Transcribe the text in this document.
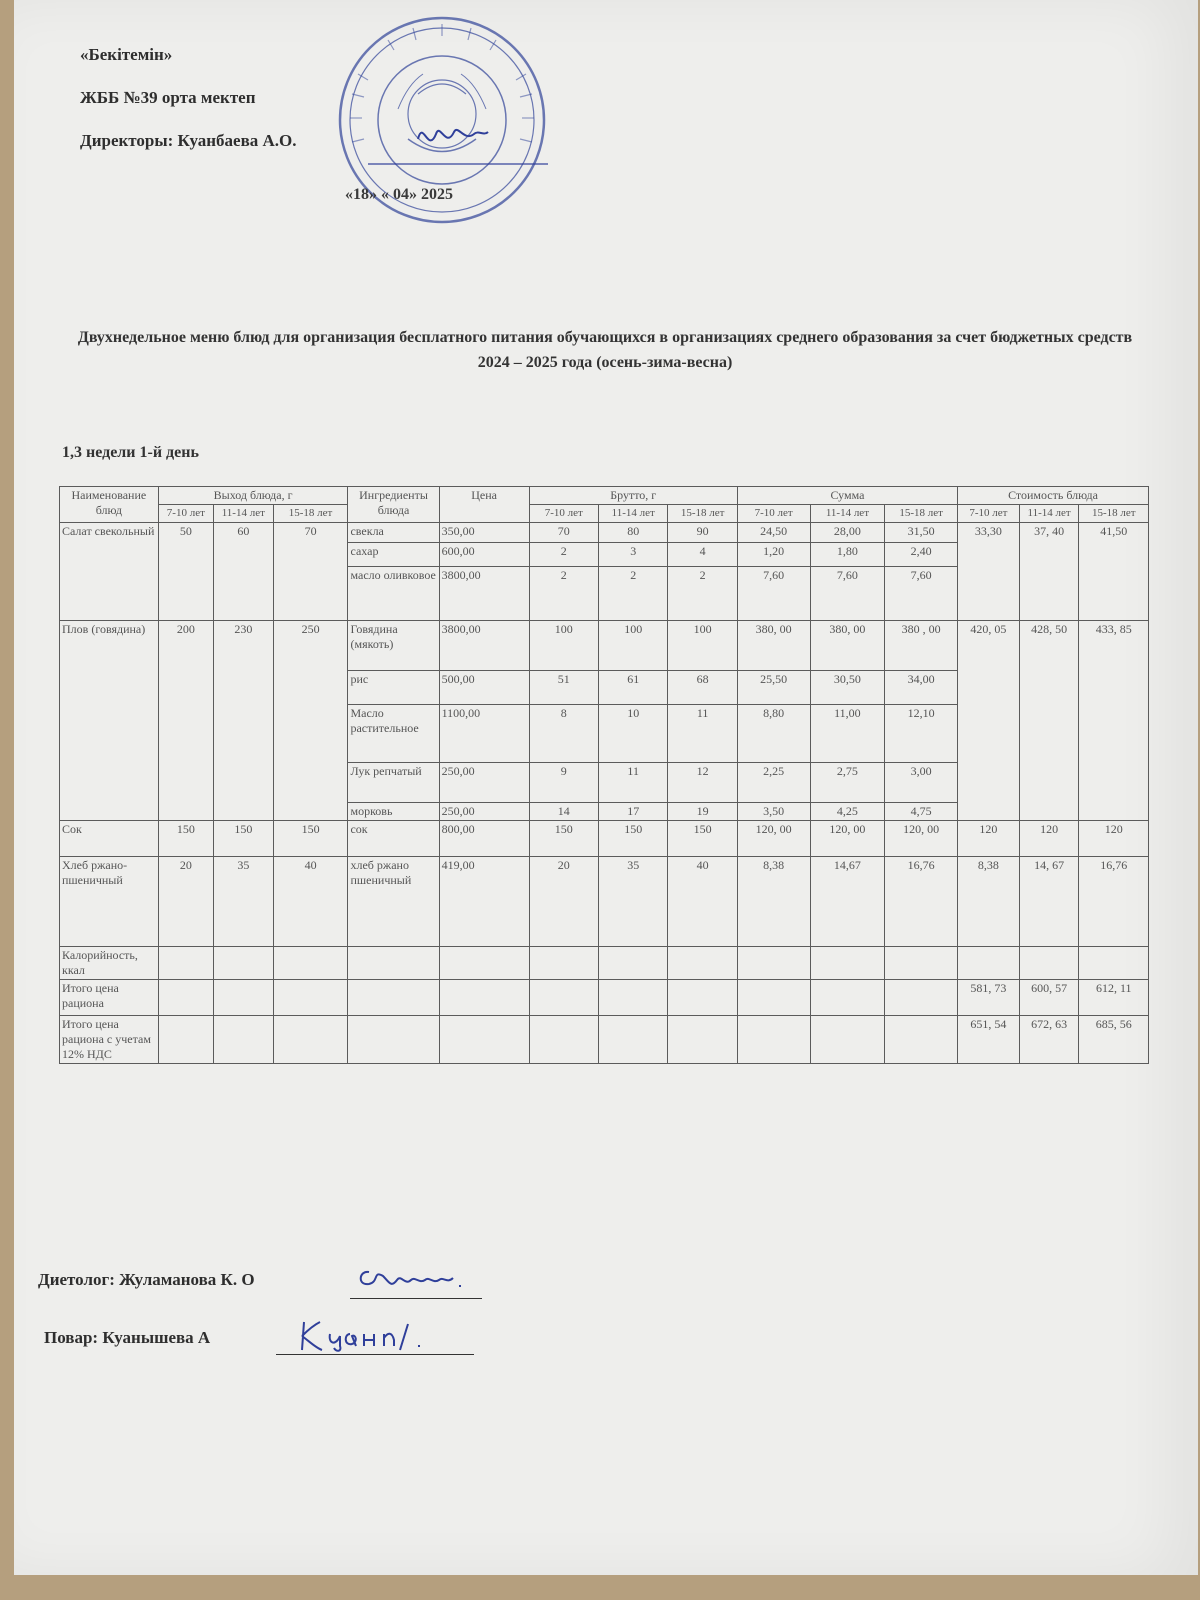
«Бекітемін»
ЖББ №39 орта мектеп
Директоры: Куанбаева А.О.
«18» « 04» 2025
Двухнедельное меню блюд для организация бесплатного питания обучающихся в организациях среднего образования за счет бюджетных средств 2024 – 2025 года (осень-зима-весна)
1,3 недели 1-й день
Наименование блюд	Выход блюда, г			Ингредиенты блюда	Цена	Брутто, г			Сумма			Стоимость блюда		
	7-10 лет	11-14 лет	15-18 лет			7-10 лет	11-14 лет	15-18 лет	7-10 лет	11-14 лет	15-18 лет	7-10 лет	11-14 лет	15-18 лет
Салат свекольный	50	60	70	свекла	350,00	70	80	90	24,50	28,00	31,50	33,30	37, 40	41,50
				сахар	600,00	2	3	4	1,20	1,80	2,40			
				масло оливковое	3800,00	2	2	2	7,60	7,60	7,60			
Плов (говядина)	200	230	250	Говядина (мякоть)	3800,00	100	100	100	380, 00	380, 00	380 , 00	420, 05	428, 50	433, 85
				рис	500,00	51	61	68	25,50	30,50	34,00			
				Масло растительное	1100,00	8	10	11	8,80	11,00	12,10			
				Лук репчатый	250,00	9	11	12	2,25	2,75	3,00			
				морковь	250,00	14	17	19	3,50	4,25	4,75			
Сок	150	150	150	сок	800,00	150	150	150	120, 00	120, 00	120, 00	120	120	120
Хлеб ржано-пшеничный	20	35	40	хлеб ржано пшеничный	419,00	20	35	40	8,38	14,67	16,76	8,38	14, 67	16,76
Калорийность, ккал														
Итого цена рациона												581, 73	600, 57	612, 11
Итого цена рациона с учетам 12% НДС												651, 54	672, 63	685, 56
Диетолог: Жуламанова К. О
Повар: Куанышева А
